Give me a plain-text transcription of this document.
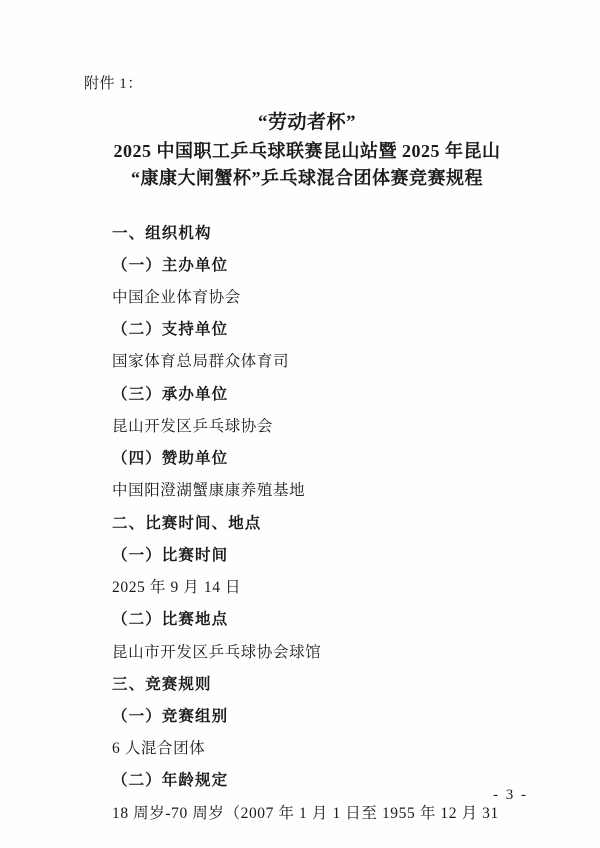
附件 1：
“劳动者杯”
2025 中国职工乒乓球联赛昆山站暨 2025 年昆山
“康康大闸蟹杯”乒乓球混合团体赛竞赛规程
一、组织机构
（一）主办单位
中国企业体育协会
（二）支持单位
国家体育总局群众体育司
（三）承办单位
昆山开发区乒乓球协会
（四）赞助单位
中国阳澄湖蟹康康养殖基地
二、比赛时间、地点
（一）比赛时间
2025 年 9 月 14 日
（二）比赛地点
昆山市开发区乒乓球协会球馆
三、竞赛规则
（一）竞赛组别
6 人混合团体
（二）年龄规定
18 周岁-70 周岁（2007 年 1 月 1 日至 1955 年 12 月 31
- 3 -
